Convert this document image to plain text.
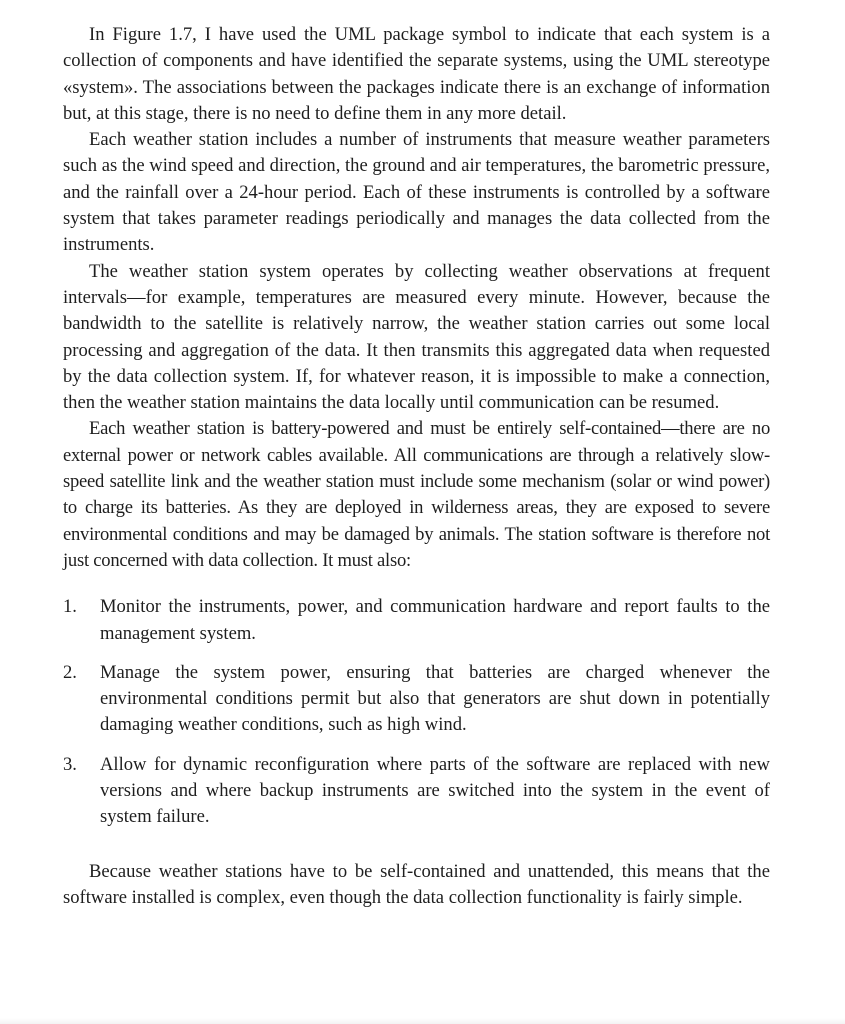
In Figure 1.7, I have used the UML package symbol to indicate that each system is a collection of components and have identified the separate systems, using the UML stereotype «system». The associations between the packages indicate there is an exchange of information but, at this stage, there is no need to define them in any more detail.

Each weather station includes a number of instruments that measure weather parameters such as the wind speed and direction, the ground and air temperatures, the barometric pressure, and the rainfall over a 24-hour period. Each of these instruments is controlled by a software system that takes parameter readings periodically and manages the data collected from the instruments.

The weather station system operates by collecting weather observations at frequent intervals—for example, temperatures are measured every minute. However, because the bandwidth to the satellite is relatively narrow, the weather station carries out some local processing and aggregation of the data. It then transmits this aggregated data when requested by the data collection system. If, for whatever reason, it is impossible to make a connection, then the weather station maintains the data locally until communication can be resumed.

Each weather station is battery-powered and must be entirely self-contained—there are no external power or network cables available. All communications are through a relatively slow-speed satellite link and the weather station must include some mechanism (solar or wind power) to charge its batteries. As they are deployed in wilderness areas, they are exposed to severe environmental conditions and may be damaged by animals. The station software is therefore not just concerned with data collection. It must also:

1. Monitor the instruments, power, and communication hardware and report faults to the management system.
2. Manage the system power, ensuring that batteries are charged whenever the environmental conditions permit but also that generators are shut down in potentially damaging weather conditions, such as high wind.
3. Allow for dynamic reconfiguration where parts of the software are replaced with new versions and where backup instruments are switched into the system in the event of system failure.

Because weather stations have to be self-contained and unattended, this means that the software installed is complex, even though the data collection functionality is fairly simple.
